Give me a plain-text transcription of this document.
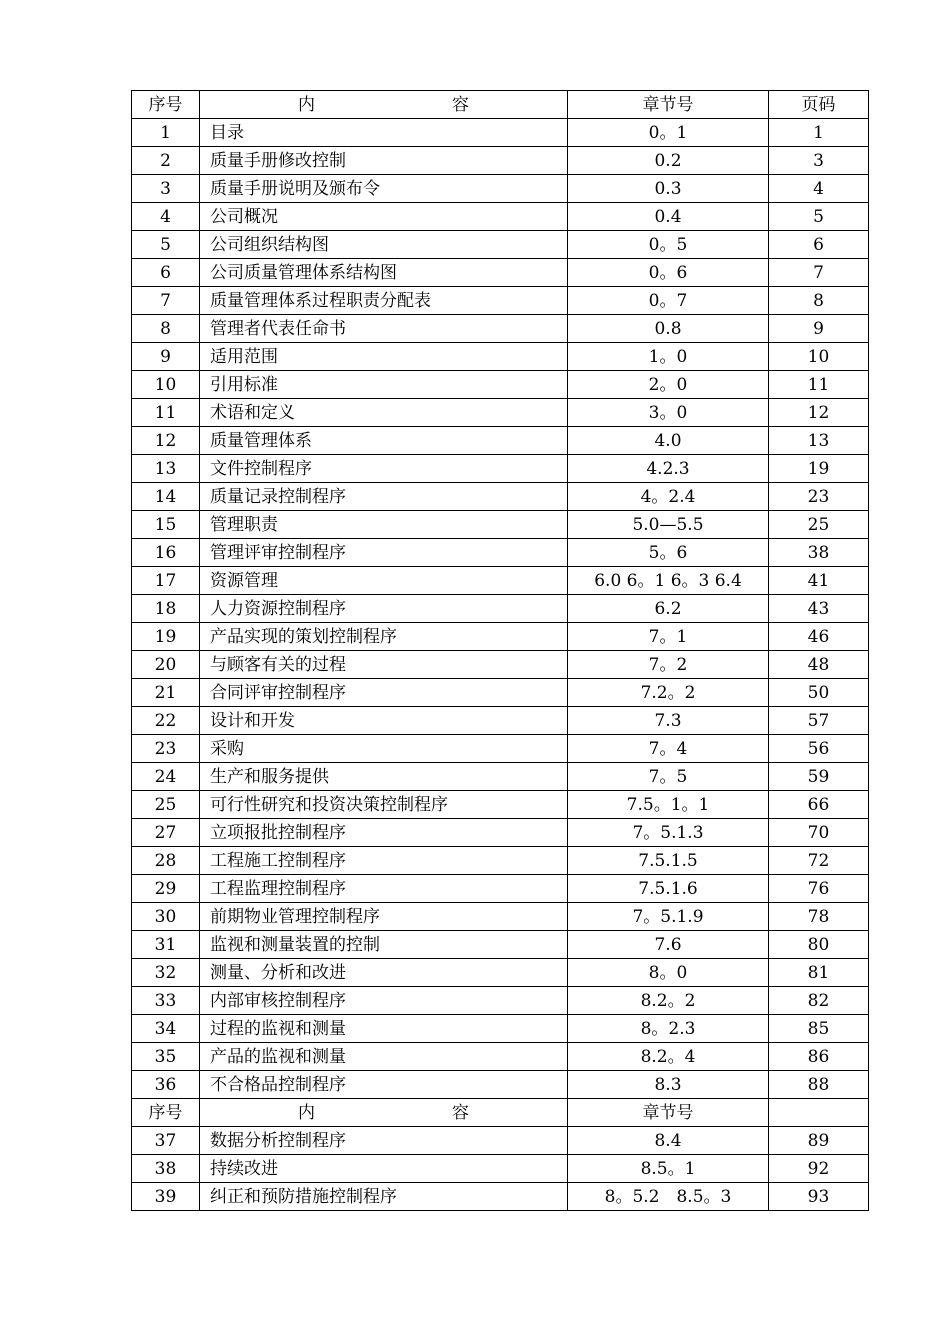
序号	内 容	章节号	页码
1	目录	0。1	1
2	质量手册修改控制	0.2	3
3	质量手册说明及颁布令	0.3	4
4	公司概况	0.4	5
5	公司组织结构图	0。5	6
6	公司质量管理体系结构图	0。6	7
7	质量管理体系过程职责分配表	0。7	8
8	管理者代表任命书	0.8	9
9	适用范围	1。0	10
10	引用标准	2。0	11
11	术语和定义	3。0	12
12	质量管理体系	4.0	13
13	文件控制程序	4.2.3	19
14	质量记录控制程序	4。2.4	23
15	管理职责	5.0—5.5	25
16	管理评审控制程序	5。6	38
17	资源管理	6.0 6。1 6。3 6.4	41
18	人力资源控制程序	6.2	43
19	产品实现的策划控制程序	7。1	46
20	与顾客有关的过程	7。2	48
21	合同评审控制程序	7.2。2	50
22	设计和开发	7.3	57
23	采购	7。4	56
24	生产和服务提供	7。5	59
25	可行性研究和投资决策控制程序	7.5。1。1	66
27	立项报批控制程序	7。5.1.3	70
28	工程施工控制程序	7.5.1.5	72
29	工程监理控制程序	7.5.1.6	76
30	前期物业管理控制程序	7。5.1.9	78
31	监视和测量装置的控制	7.6	80
32	测量、分析和改进	8。0	81
33	内部审核控制程序	8.2。2	82
34	过程的监视和测量	8。2.3	85
35	产品的监视和测量	8.2。4	86
36	不合格品控制程序	8.3	88
序号	内 容	章节号	
37	数据分析控制程序	8.4	89
38	持续改进	8.5。1	92
39	纠正和预防措施控制程序	8。5.2　8.5。3	93
